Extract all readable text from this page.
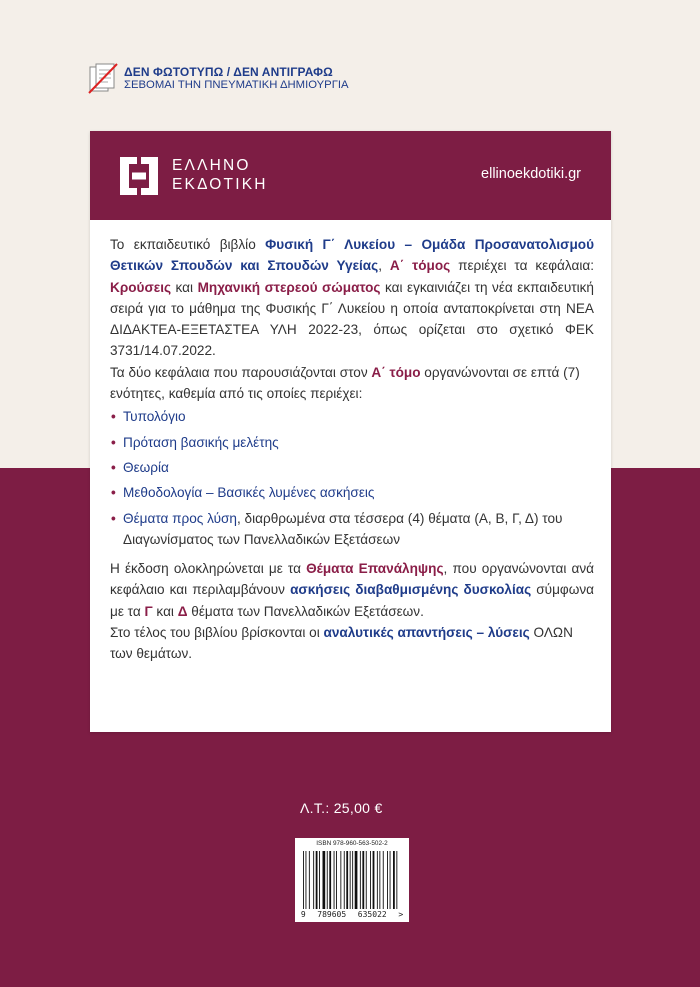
ΔΕΝ ΦΩΤΟΤΥΠΩ / ΔΕΝ ΑΝΤΙΓΡΑΦΩ
ΣΕΒΟΜΑΙ ΤΗΝ ΠΝΕΥΜΑΤΙΚΗ ΔΗΜΙΟΥΡΓΙΑ
ΕΛΛΗΝΟ
ΕΚΔΟΤΙΚΗ
ellinoekdotiki.gr

Το εκπαιδευτικό βιβλίο Φυσική Γ΄ Λυκείου – Ομάδα Προσανατολισμού Θετικών Σπουδών και Σπουδών Υγείας, Α΄ τόμος περιέχει τα κεφάλαια: Κρούσεις και Μηχανική στερεού σώματος και εγκαινιάζει τη νέα εκπαιδευτική σειρά για το μάθημα της Φυσικής Γ΄ Λυκείου η οποία ανταποκρίνεται στη ΝΕΑ ΔΙΔΑΚΤΕΑ-ΕΞΕΤΑΣΤΕΑ ΥΛΗ 2022-23, όπως ορίζεται στο σχετικό ΦΕΚ 3731/14.07.2022.

Τα δύο κεφάλαια που παρουσιάζονται στον Α΄ τόμο οργανώνονται σε επτά (7) ενότητες, καθεμία από τις οποίες περιέχει:

• Τυπολόγιο
• Πρόταση βασικής μελέτης
• Θεωρία
• Μεθοδολογία – Βασικές λυμένες ασκήσεις
• Θέματα προς λύση, διαρθρωμένα στα τέσσερα (4) θέματα (Α, Β, Γ, Δ) του Διαγωνίσματος των Πανελλαδικών Εξετάσεων

Η έκδοση ολοκληρώνεται με τα Θέματα Επανάληψης, που οργανώνονται ανά κεφάλαιο και περιλαμβάνουν ασκήσεις διαβαθμισμένης δυσκολίας σύμφωνα με τα Γ και Δ θέματα των Πανελλαδικών Εξετάσεων.

Στο τέλος του βιβλίου βρίσκονται οι αναλυτικές απαντήσεις – λύσεις ΟΛΩΝ των θεμάτων.

Λ.Τ.: 25,00 €
ISBN 978-960-563-502-2
9 789605 635022 >
